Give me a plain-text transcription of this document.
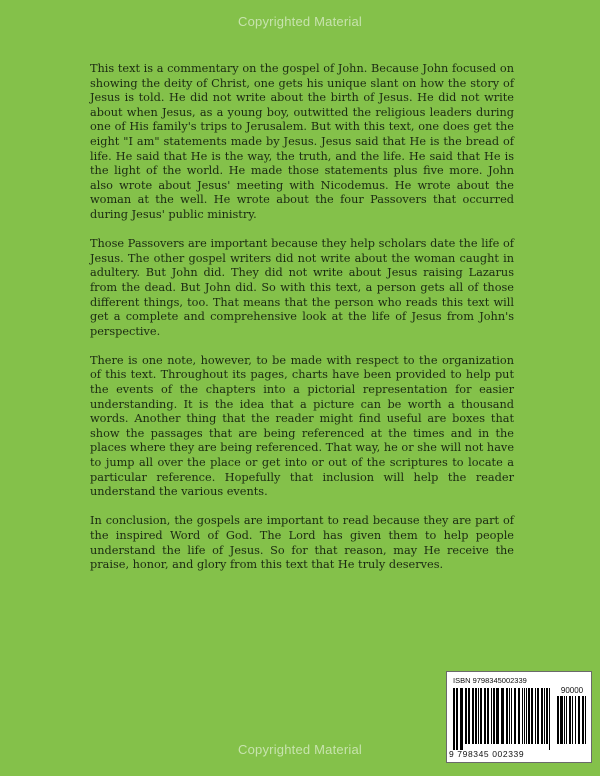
Copyrighted Material

This text is a commentary on the gospel of John. Because John focused on showing the deity of Christ, one gets his unique slant on how the story of Jesus is told. He did not write about the birth of Jesus. He did not write about when Jesus, as a young boy, outwitted the religious leaders during one of His family's trips to Jerusalem. But with this text, one does get the eight "I am" statements made by Jesus. Jesus said that He is the bread of life. He said that He is the way, the truth, and the life. He said that He is the light of the world. He made those statements plus five more. John also wrote about Jesus' meeting with Nicodemus. He wrote about the woman at the well. He wrote about the four Passovers that occurred during Jesus' public ministry.

Those Passovers are important because they help scholars date the life of Jesus. The other gospel writers did not write about the woman caught in adultery. But John did. They did not write about Jesus raising Lazarus from the dead. But John did. So with this text, a person gets all of those different things, too. That means that the person who reads this text will get a complete and comprehensive look at the life of Jesus from John's perspective.

There is one note, however, to be made with respect to the organization of this text. Throughout its pages, charts have been provided to help put the events of the chapters into a pictorial representation for easier understanding. It is the idea that a picture can be worth a thousand words. Another thing that the reader might find useful are boxes that show the passages that are being referenced at the times and in the places where they are being referenced. That way, he or she will not have to jump all over the place or get into or out of the scriptures to locate a particular reference. Hopefully that inclusion will help the reader understand the various events.

In conclusion, the gospels are important to read because they are part of the inspired Word of God. The Lord has given them to help people understand the life of Jesus. So for that reason, may He receive the praise, honor, and glory from this text that He truly deserves.

ISBN 9798345002339
90000
9 798345 002339
Copyrighted Material
